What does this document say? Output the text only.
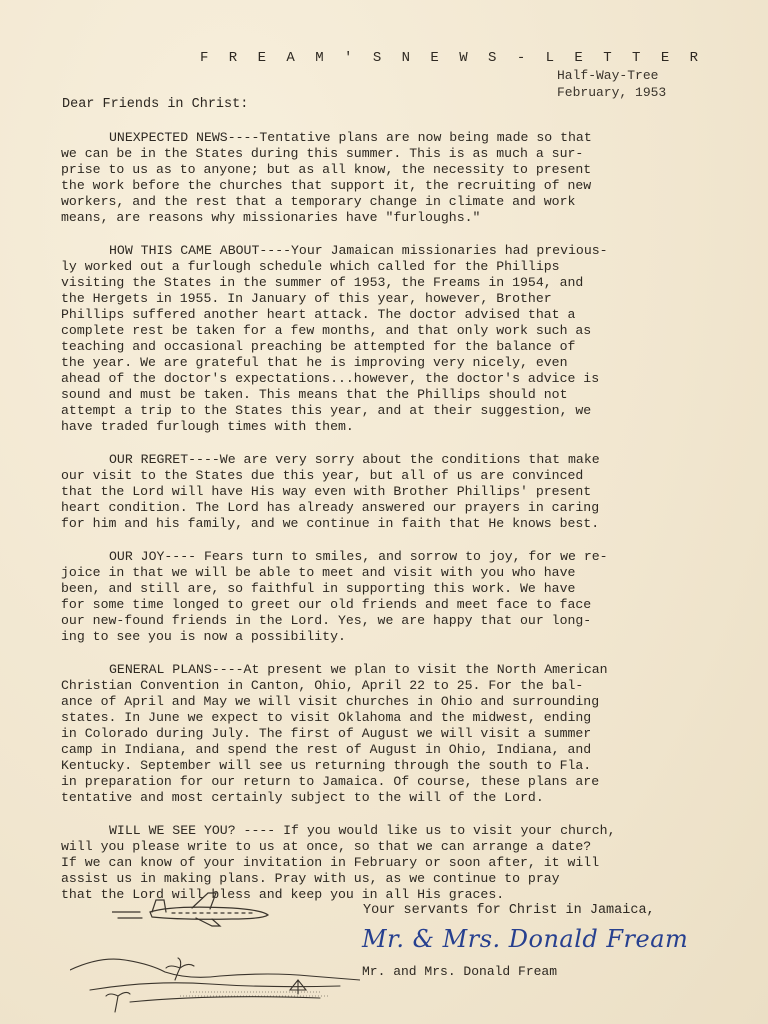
F R E A M ' S N E W S - L E T T E R
Half-Way-Tree
February, 1953
Dear Friends in Christ:

UNEXPECTED NEWS----Tentative plans are now being made so that
we can be in the States during this summer. This is as much a sur-
prise to us as to anyone; but as all know, the necessity to present
the work before the churches that support it, the recruiting of new
workers, and the rest that a temporary change in climate and work
means, are reasons why missionaries have "furloughs."

HOW THIS CAME ABOUT----Your Jamaican missionaries had previous-
ly worked out a furlough schedule which called for the Phillips
visiting the States in the summer of 1953, the Freams in 1954, and
the Hergets in 1955. In January of this year, however, Brother
Phillips suffered another heart attack. The doctor advised that a
complete rest be taken for a few months, and that only work such as
teaching and occasional preaching be attempted for the balance of
the year. We are grateful that he is improving very nicely, even
ahead of the doctor's expectations...however, the doctor's advice is
sound and must be taken. This means that the Phillips should not
attempt a trip to the States this year, and at their suggestion, we
have traded furlough times with them.

OUR REGRET----We are very sorry about the conditions that make
our visit to the States due this year, but all of us are convinced
that the Lord will have His way even with Brother Phillips' present
heart condition. The Lord has already answered our prayers in caring
for him and his family, and we continue in faith that He knows best.

OUR JOY---- Fears turn to smiles, and sorrow to joy, for we re-
joice in that we will be able to meet and visit with you who have
been, and still are, so faithful in supporting this work. We have
for some time longed to greet our old friends and meet face to face
our new-found friends in the Lord. Yes, we are happy that our long-
ing to see you is now a possibility.

GENERAL PLANS----At present we plan to visit the North American
Christian Convention in Canton, Ohio, April 22 to 25. For the bal-
ance of April and May we will visit churches in Ohio and surrounding
states. In June we expect to visit Oklahoma and the midwest, ending
in Colorado during July. The first of August we will visit a summer
camp in Indiana, and spend the rest of August in Ohio, Indiana, and
Kentucky. September will see us returning through the south to Fla.
in preparation for our return to Jamaica. Of course, these plans are
tentative and most certainly subject to the will of the Lord.

WILL WE SEE YOU? ---- If you would like us to visit your church,
will you please write to us at once, so that we can arrange a date?
If we can know of your invitation in February or soon after, it will
assist us in making plans. Pray with us, as we continue to pray
that the Lord will bless and keep you in all His graces.

Your servants for Christ in Jamaica,
Mr. & Mrs. Donald Fream
Mr. and Mrs. Donald Fream
